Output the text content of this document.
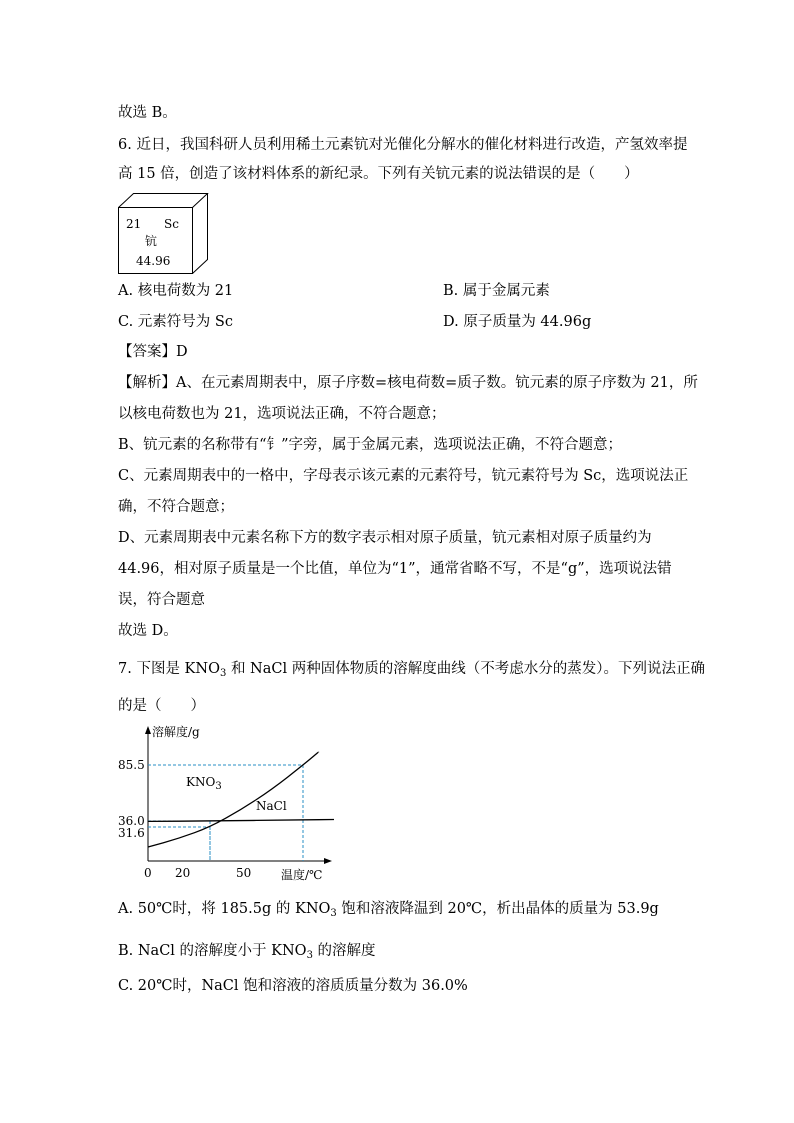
故选 B。
6. 近日，我国科研人员利用稀土元素钪对光催化分解水的催化材料进行改造，产氢效率提
高 15 倍，创造了该材料体系的新纪录。下列有关钪元素的说法错误的是（　　）
21 Sc
钪
44.96
A. 核电荷数为 21	B. 属于金属元素
C. 元素符号为 Sc	D. 原子质量为 44.96g
【答案】D
【解析】A、在元素周期表中，原子序数=核电荷数=质子数。钪元素的原子序数为 21，所
以核电荷数也为 21，选项说法正确，不符合题意；
B、钪元素的名称带有“钅”字旁，属于金属元素，选项说法正确，不符合题意；
C、元素周期表中的一格中，字母表示该元素的元素符号，钪元素符号为 Sc，选项说法正
确，不符合题意；
D、元素周期表中元素名称下方的数字表示相对原子质量，钪元素相对原子质量约为
44.96，相对原子质量是一个比值，单位为“1”，通常省略不写，不是“g”，选项说法错
误，符合题意
故选 D。
7. 下图是 $KNO_3$ 和 NaCl 两种固体物质的溶解度曲线（不考虑水分的蒸发）。下列说法正确
的是（　　）
溶解度/g
温度/℃
0 20	50
85.5
36.0
31.6
$KNO_3$
NaCl
A. 50℃时，将 185.5g 的 $KNO_3$ 饱和溶液降温到 20℃，析出晶体的质量为 53.9g
B. NaCl 的溶解度小于 $KNO_3$ 的溶解度
C. 20℃时，NaCl 饱和溶液的溶质质量分数为 36.0%
